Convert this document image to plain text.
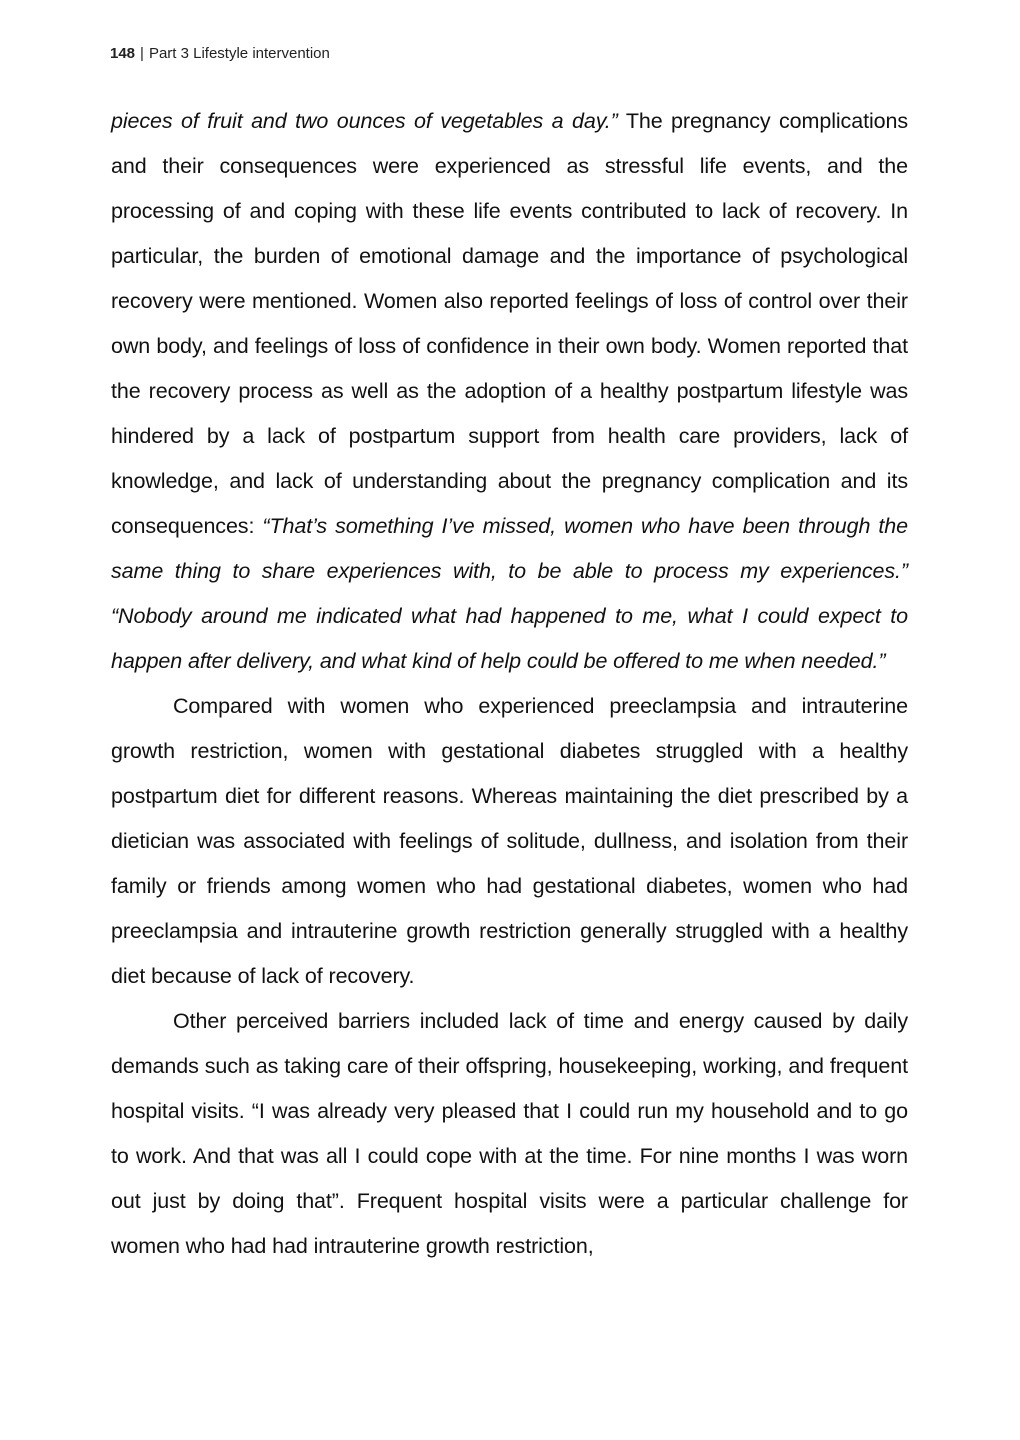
148 | Part 3 Lifestyle intervention

pieces of fruit and two ounces of vegetables a day.” The pregnancy complications and their consequences were experienced as stressful life events, and the processing of and coping with these life events contributed to lack of recovery. In particular, the burden of emotional damage and the importance of psychological recovery were mentioned. Women also reported feelings of loss of control over their own body, and feelings of loss of confidence in their own body. Women reported that the recovery process as well as the adoption of a healthy postpartum lifestyle was hindered by a lack of postpartum support from health care providers, lack of knowledge, and lack of understanding about the pregnancy complication and its consequences: “That’s something I’ve missed, women who have been through the same thing to share experiences with, to be able to process my experiences.” “Nobody around me indicated what had happened to me, what I could expect to happen after delivery, and what kind of help could be offered to me when needed.”

Compared with women who experienced preeclampsia and intrauterine growth restriction, women with gestational diabetes struggled with a healthy postpartum diet for different reasons. Whereas maintaining the diet prescribed by a dietician was associated with feelings of solitude, dullness, and isolation from their family or friends among women who had gestational diabetes, women who had preeclampsia and intrauterine growth restriction generally struggled with a healthy diet because of lack of recovery.

Other perceived barriers included lack of time and energy caused by daily demands such as taking care of their offspring, housekeeping, working, and frequent hospital visits. “I was already very pleased that I could run my household and to go to work. And that was all I could cope with at the time. For nine months I was worn out just by doing that”. Frequent hospital visits were a particular challenge for women who had had intrauterine growth restriction,
